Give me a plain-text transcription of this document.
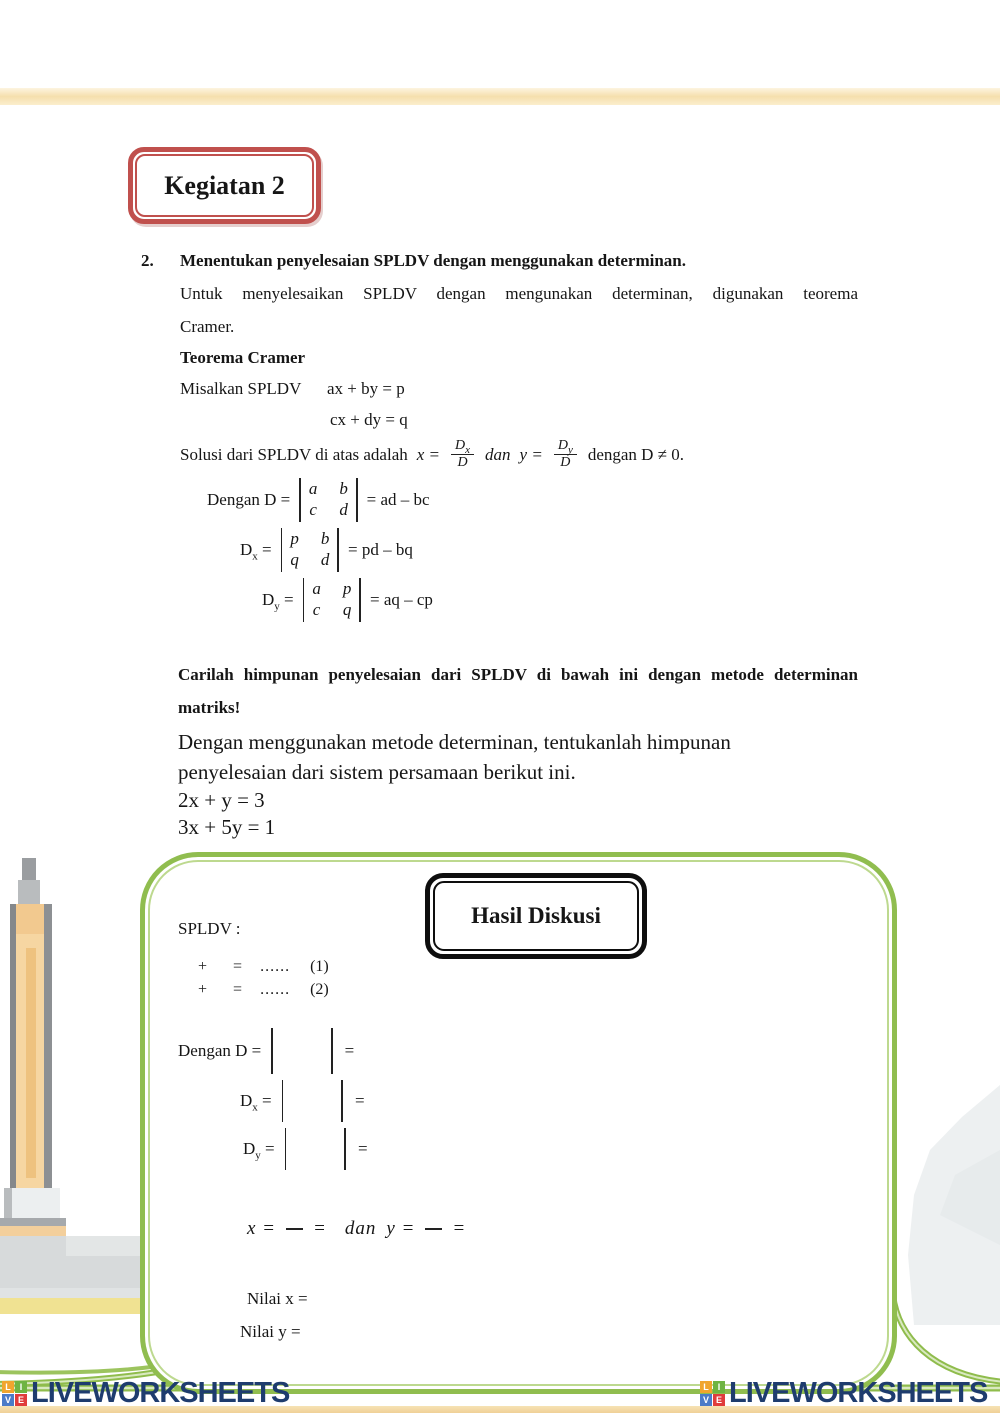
Kegiatan 2
2. Menentukan penyelesaian SPLDV dengan menggunakan determinan.
Untuk menyelesaikan SPLDV dengan mengunakan determinan, digunakan teorema
Cramer.
Teorema Cramer
Misalkan SPLDV ax + by = p
cx + dy = q
Solusi dari SPLDV di atas adalah $x = \frac{D_x}{D}$ dan $y = \frac{D_y}{D}$ dengan D ≠ 0.
Dengan D =
a b
c d
= ad – bc
$D_x$ =
p b
q d
= pd – bq
$D_y$ =
a p
c q
= aq – cp
Carilah himpunan penyelesaian dari SPLDV di bawah ini dengan metode determinan
matriks!
Dengan menggunakan metode determinan, tentukanlah himpunan
penyelesaian dari sistem persamaan berikut ini.
2x + y = 3
3x + 5y = 1
Hasil Diskusi
SPLDV :
+ = ...... (1)
+ = ...... (2)
Dengan D =	=
$D_x$ =	=
$D_y$ =	=
x = = dan y = =
Nilai x =
Nilai y =
L I
V E LIVEWORKSHEETS	L I
V E LIVEWORKSHEETS
